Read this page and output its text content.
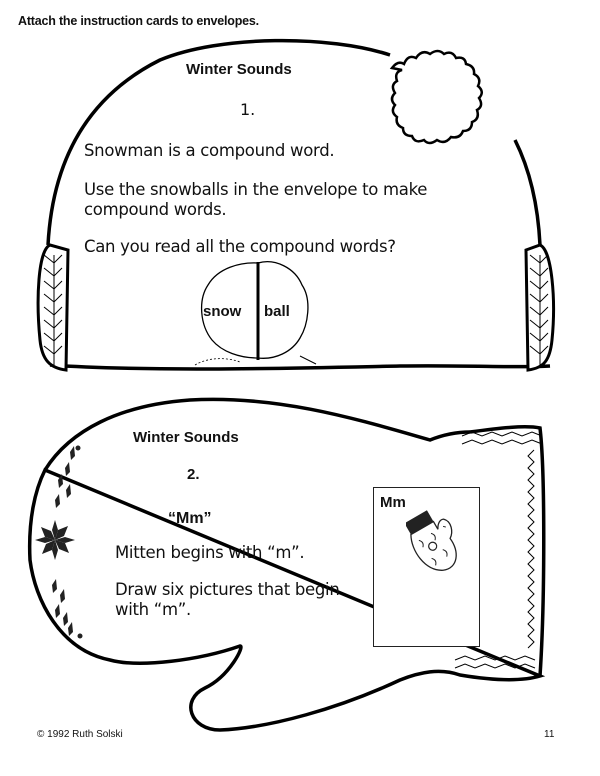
Attach the instruction cards to envelopes.
Winter Sounds
1.
Snowman is a compound word.
Use the snowballs in the envelope to make
compound words.
Can you read all the compound words?
snow ball
Winter Sounds
2.
“Mm”
Mitten begins with “m”.
Draw six pictures that begin
with “m”.
Mm
© 1992 Ruth Solski	11
